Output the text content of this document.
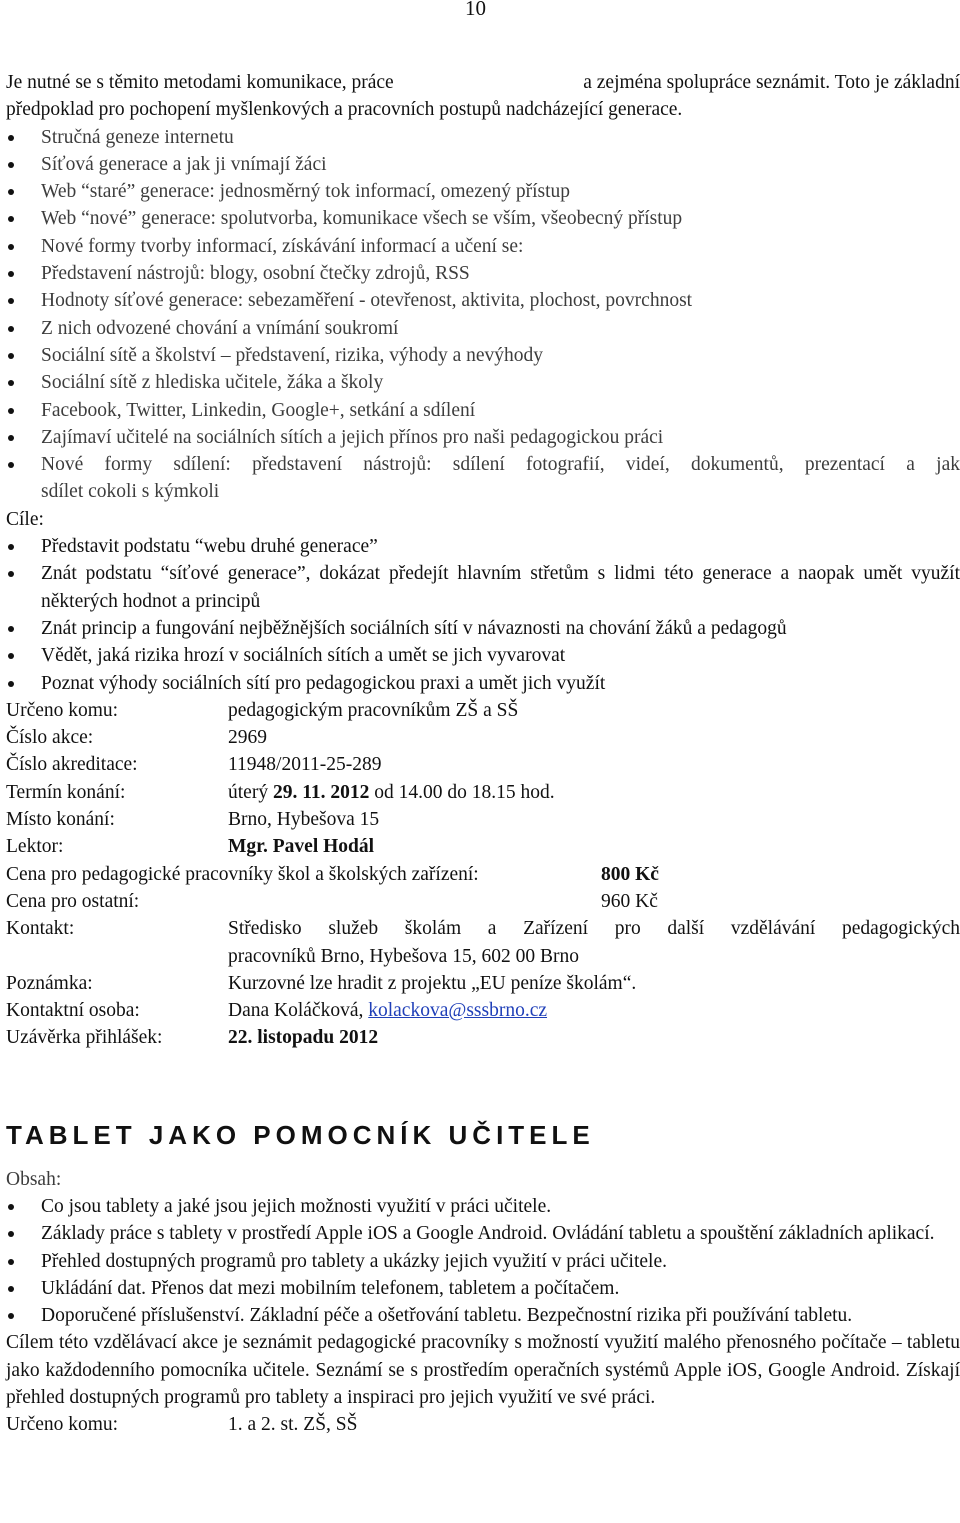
10

Je nutné se s těmito metodami komunikace, práce	a zejména spolupráce seznámit. Toto je základní
předpoklad pro pochopení myšlenkových a pracovních postupů nadcházející generace.

Stručná geneze internetu
Síťová generace a jak ji vnímají žáci
Web “staré” generace: jednosměrný tok informací, omezený přístup
Web “nové” generace: spolutvorba, komunikace všech se vším, všeobecný přístup
Nové formy tvorby informací, získávání informací a učení se:
Představení nástrojů: blogy, osobní čtečky zdrojů, RSS
Hodnoty síťové generace: sebezaměření - otevřenost, aktivita, plochost, povrchnost
Z nich odvozené chování a vnímání soukromí
Sociální sítě a školství – představení, rizika, výhody a nevýhody
Sociální sítě z hlediska učitele, žáka a školy
Facebook, Twitter, Linkedin, Google+, setkání a sdílení
Zajímaví učitelé na sociálních sítích a jejich přínos pro naši pedagogickou práci
Nové formy sdílení: představení nástrojů: sdílení fotografií, videí, dokumentů, prezentací a jak
sdílet cokoli s kýmkoli

Cíle:

Představit podstatu “webu druhé generace”
Znát podstatu “síťové generace”, dokázat předejít hlavním střetům s lidmi této generace a naopak umět využít některých hodnot a principů
Znát princip a fungování nejběžnějších sociálních sítí v návaznosti na chování žáků a pedagogů
Vědět, jaká rizika hrozí v sociálních sítích a umět se jich vyvarovat
Poznat výhody sociálních sítí pro pedagogickou praxi a umět jich využít
Určeno komu:	pedagogickým pracovníkům ZŠ a SŠ
Číslo akce:	2969
Číslo akreditace:	11948/2011-25-289
Termín konání:	úterý 29. 11. 2012 od 14.00 do 18.15 hod.
Místo konání:	Brno, Hybešova 15
Lektor:	Mgr. Pavel Hodál
Cena pro pedagogické pracovníky škol a školských zařízení:	800 Kč
Cena pro ostatní:	960 Kč
Kontakt:	Středisko služeb školám a Zařízení pro další vzdělávání pedagogických
pracovníků Brno, Hybešova 15, 602 00 Brno
Poznámka:	Kurzovné lze hradit z projektu „EU peníze školám“.
Kontaktní osoba:	Dana Koláčková, kolackova@sssbrno.cz
Uzávěrka přihlášek:	22. listopadu 2012
TABLET JAKO POMOCNÍK UČITELE

Obsah:

Co jsou tablety a jaké jsou jejich možnosti využití v práci učitele.
Základy práce s tablety v prostředí Apple iOS a Google Android. Ovládání tabletu a spouštění základních aplikací.
Přehled dostupných programů pro tablety a ukázky jejich využití v práci učitele.
Ukládání dat. Přenos dat mezi mobilním telefonem, tabletem a počítačem.
Doporučené příslušenství. Základní péče a ošetřování tabletu. Bezpečnostní rizika při používání tabletu.

Cílem této vzdělávací akce je seznámit pedagogické pracovníky s možností využití malého přenosného počítače – tabletu jako každodenního pomocníka učitele. Seznámí se s prostředím operačních systémů Apple iOS, Google Android. Získají přehled dostupných programů pro tablety a inspiraci pro jejich využití ve své práci.

Určeno komu:	1. a 2. st. ZŠ, SŠ
